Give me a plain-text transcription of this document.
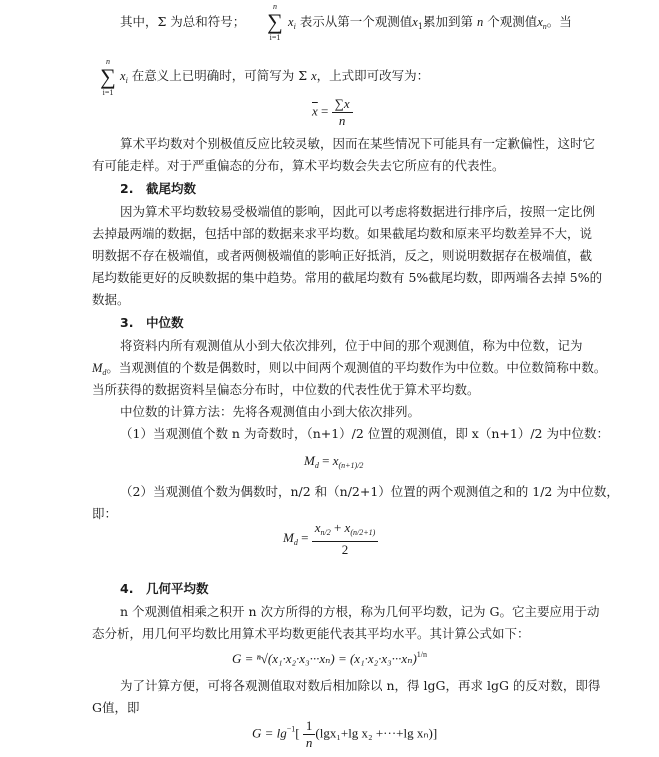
其中，Σ 为总和符号；
n
∑
i=1
$x_i$ 表示从第一个观测值$x_1$累加到第 n 个观测值$x_n$。当
n
∑
i=1
$x_i$ 在意义上已明确时，可简写为 Σ x，上式即可改写为：
$\overline{x} = \frac{\sum x}{n}$
算术平均数对个别极值反应比较灵敏，因而在某些情况下可能具有一定歉偏性，这时它
有可能走样。对于严重偏态的分布，算术平均数会失去它所应有的代表性。
2.　截尾均数
因为算术平均数较易受极端值的影响，因此可以考虑将数据进行排序后，按照一定比例
去掉最两端的数据，包括中部的数据来求平均数。如果截尾均数和原来平均数差异不大，说
明数据不存在极端值，或者两侧极端值的影响正好抵消，反之，则说明数据存在极端值，截
尾均数能更好的反映数据的集中趋势。常用的截尾均数有 5%截尾均数，即两端各去掉 5%的
数据。
3.　中位数
将资料内所有观测值从小到大依次排列，位于中间的那个观测值，称为中位数，记为
$M_d$。当观测值的个数是偶数时，则以中间两个观测值的平均数作为中位数。中位数简称中数。
当所获得的数据资料呈偏态分布时，中位数的代表性优于算术平均数。
中位数的计算方法：先将各观测值由小到大依次排列。
（1）当观测值个数 n 为奇数时，（n+1）/2 位置的观测值，即 x（n+1）/2 为中位数：
$M_d = x_{(n+1)/2}$
（2）当观测值个数为偶数时，n/2 和（n/2+1）位置的两个观测值之和的 1/2 为中位数，
即：
$M_d = \frac{x_{n/2} + x_{(n/2+1)}}{2}$
4.　几何平均数
n 个观测值相乘之积开 n 次方所得的方根，称为几何平均数，记为 G。它主要应用于动
态分析，用几何平均数比用算术平均数更能代表其平均水平。其计算公式如下：
$G = ^n√(x_1\cdot x_2\cdot x_3\cdot\cdot\cdot x_n) = (x_1\cdot x_2\cdot x_3\cdot\cdot\cdot x_n)^{1/n}$
为了计算方便，可将各观测值取对数后相加除以 n，得 lgG，再求 lgG 的反对数，即得
G值，即
$G = \lg^{-1}[ \frac{1}{n} (\lg x_1+\lg$ x₂ +···+lg xₙ)]
